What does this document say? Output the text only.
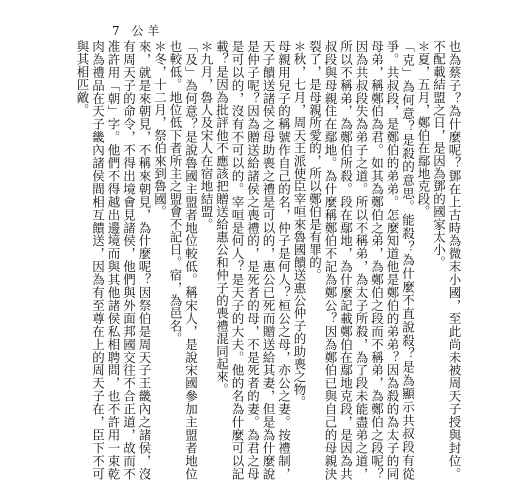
7 公 羊

也為蔡子？為什麼呢？鄧在上古時為微末小國，至此尚未被周天子授與封位。不配載結盟之日，是因為鄧的國家太小。

＊夏，五月，鄭伯在鄢地克段。

「克」為何意？是殺的意思。能殺？為什麼不直說殺？是為顯示共叔段有從爭。共叔段，是鄭伯的弟弟。怎麼知道他是鄭伯的弟弟？因為殺的為太子的同母弟，稱鄭伯為君。如其為鄭伯之弟，為鄭伯之段而不稱弟，為鄭伯之段呢？因為共叔段失為弟子之道。所以不稱弟，為太子所殺，為了段未能盡弟之道，所以不稱弟，為鄭伯所殺。段在鄢地，為什麼記載鄭伯在鄢地克段，是因為共叔段與母親住在鄢地。為什麼稱鄭伯不記為鄭公？因為鄭伯已與自己的母親決裂了，是母親所愛的，所以鄭伯是有罪的。

＊秋，七月，周天王派使臣宰咺來魯國饋送惠公仲子的助喪之物。

母親用兒子的稱號作自己的名，仲子是何人？桓公之母，亦公之妻。按禮制，天子饋送諸侯之母助喪之禮是可以的，惠公已死而贈送給其妻，但是為什麼說是仲子呢？因為贈送給諸侯之喪禮的，是死者的母，不是死者的妻。為君之母是可以的，沒有不可以的。宰咺是何人？是天子的大夫。他的名為什麼可以記載？是因為批評他不應該把贈送給惠公和仲子的喪禮混同起來。

＊九月，魯人及宋人在宿地結盟。

「及」為何意？是說魯國主盟者地位較低。稱宋人，是說宋國參加主盟者地位也較低。地位低下者所主之盟會不記日。宿，為邑名。

＊冬，十二月，祭伯來到魯國。

來，就是來朝見，不稱來朝見，為什麼呢？因祭伯是周天子王畿內之諸侯，沒有周天子的命令，不得出境會見諸侯，他們與外面邦國交往不合正道，故而不准許用「朝」字。他們不得越出邊境而與其他諸侯私相聘問，也不許用一束乾肉為禮品在天子畿內諸侯間相互饋送，因為有至尊在上的周天子在，臣下不可與其相匹敵。
